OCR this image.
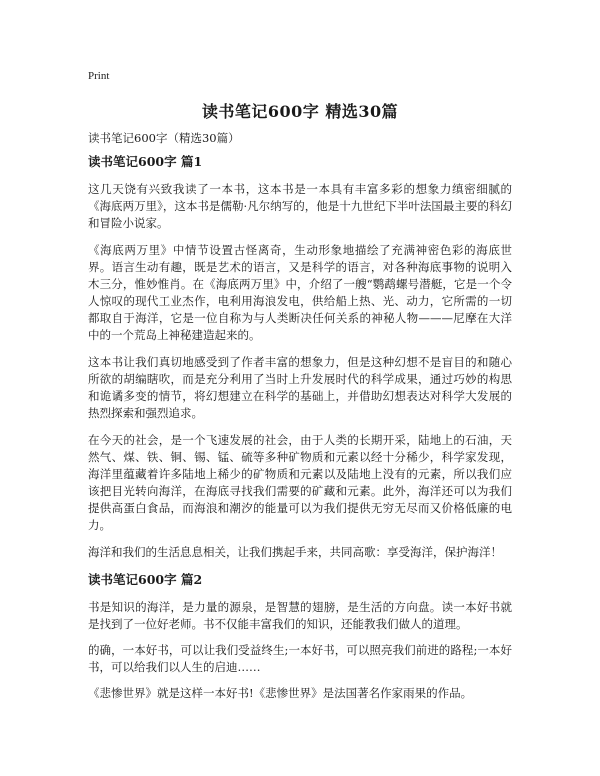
Print
读书笔记600字 精选30篇

读书笔记600字（精选30篇）

读书笔记600字 篇1

这几天饶有兴致我读了一本书，这本书是一本具有丰富多彩的想象力缜密细腻的《海底两万里》，这本书是儒勒·凡尔纳写的，他是十九世纪下半叶法国最主要的科幻和冒险小说家。

《海底两万里》中情节设置古怪离奇，生动形象地描绘了充满神密色彩的海底世界。语言生动有趣，既是艺术的语言，又是科学的语言，对各种海底事物的说明入木三分，惟妙惟肖。在《海底两万里》中，介绍了一艘“鹦鹉螺号潜艇，它是一个令人惊叹的现代工业杰作，电利用海浪发电，供给船上热、光、动力，它所需的一切都取自于海洋，它是一位自称为与人类断决任何关系的神秘人物———尼摩在大洋中的一个荒岛上神秘建造起来的。

这本书让我们真切地感受到了作者丰富的想象力，但是这种幻想不是盲目的和随心所欲的胡编瞎吹，而是充分利用了当时上升发展时代的科学成果，通过巧妙的构思和诡谲多变的情节，将幻想建立在科学的基础上，并借助幻想表达对科学大发展的热烈探索和强烈追求。

在今天的社会，是一个飞速发展的社会，由于人类的长期开采，陆地上的石油，天然气、煤、铁、铜、锡、锰、硫等多种矿物质和元素以经十分稀少，科学家发现，海洋里蕴藏着许多陆地上稀少的矿物质和元素以及陆地上没有的元素，所以我们应该把目光转向海洋，在海底寻找我们需要的矿藏和元素。此外，海洋还可以为我们提供高蛋白食品，而海浪和潮汐的能量可以为我们提供无穷无尽而又价格低廉的电力。

海洋和我们的生活息息相关，让我们携起手来，共同高歌：享受海洋，保护海洋！

读书笔记600字 篇2

书是知识的海洋，是力量的源泉，是智慧的翅膀，是生活的方向盘。读一本好书就是找到了一位好老师。书不仅能丰富我们的知识，还能教我们做人的道理。

的确，一本好书，可以让我们受益终生;一本好书，可以照亮我们前进的路程;一本好书，可以给我们以人生的启迪……

《悲惨世界》就是这样一本好书!《悲惨世界》是法国著名作家雨果的作品。
